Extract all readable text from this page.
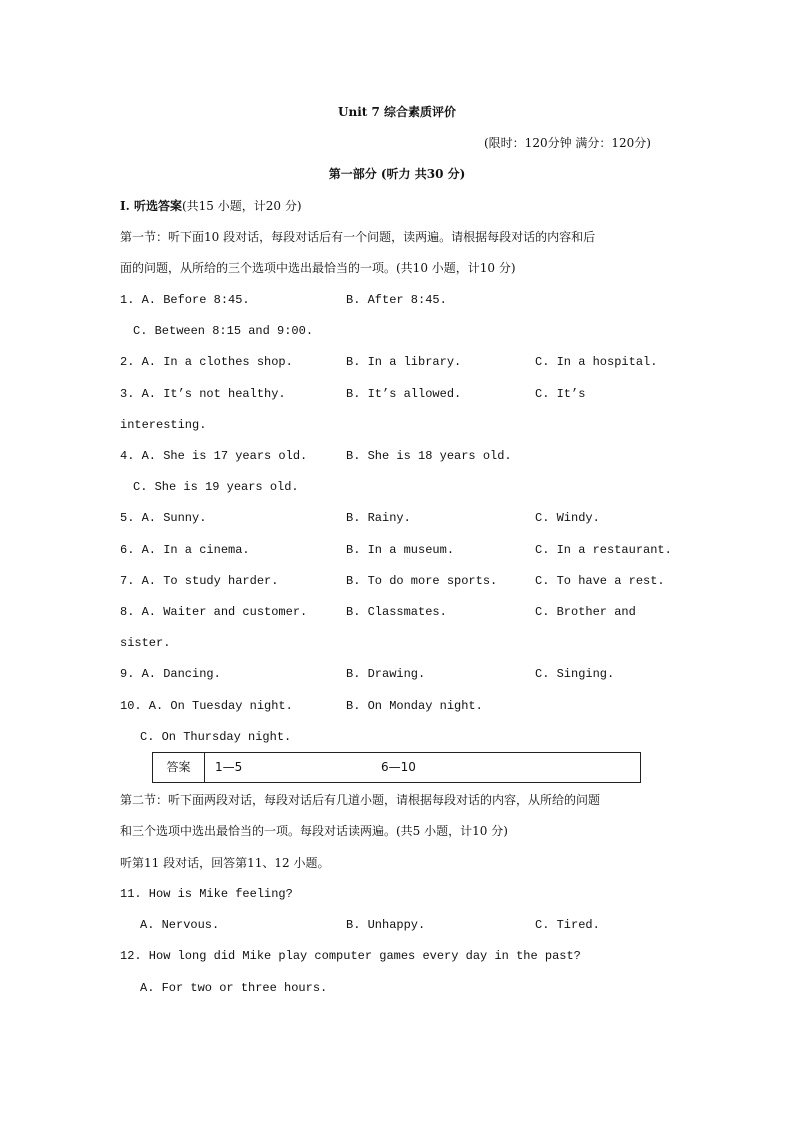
Unit 7 综合素质评价
(限时：120分钟 满分：120分)
第一部分 (听力 共30 分)
I. 听选答案(共15 小题，计20 分)
第一节：听下面10 段对话，每段对话后有一个问题，读两遍。请根据每段对话的内容和后
面的问题，从所给的三个选项中选出最恰当的一项。(共10 小题，计10 分)
1. A. Before 8:45.	B. After 8:45.
C. Between 8:15 and 9:00.
2. A. In a clothes shop.	B. In a library.	C. In a hospital.
3. A. It’s not healthy.	B. It’s allowed.	C. It’s
interesting.
4. A. She is 17 years old.	B. She is 18 years old.
C. She is 19 years old.
5. A. Sunny.	B. Rainy.	C. Windy.
6. A. In a cinema.	B. In a museum.	C. In a restaurant.
7. A. To study harder.	B. To do more sports.	C. To have a rest.
8. A. Waiter and customer.	B. Classmates.	C. Brother and
sister.
9. A. Dancing.	B. Drawing.	C. Singing.
10. A. On Tuesday night.	B. On Monday night.
C. On Thursday night.
答案	1—5	6—10
第二节：听下面两段对话，每段对话后有几道小题，请根据每段对话的内容，从所给的问题
和三个选项中选出最恰当的一项。每段对话读两遍。(共5 小题，计10 分)
听第11 段对话，回答第11、12 小题。
11. How is Mike feeling?
A. Nervous.	B. Unhappy.	C. Tired.
12. How long did Mike play computer games every day in the past?
A. For two or three hours.
